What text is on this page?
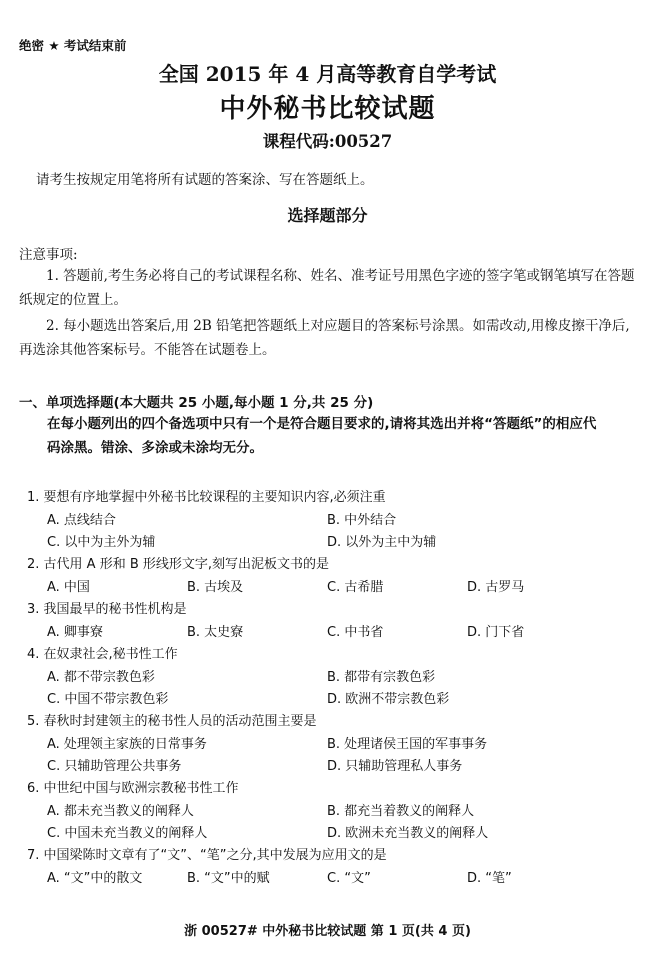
绝密 ★ 考试结束前
全国 2015 年 4 月高等教育自学考试
中外秘书比较试题
课程代码:00527
请考生按规定用笔将所有试题的答案涂、写在答题纸上。
选择题部分
注意事项:
1. 答题前,考生务必将自己的考试课程名称、姓名、准考证号用黑色字迹的签字笔或钢笔填写在答题纸规定的位置上。
2. 每小题选出答案后,用 2B 铅笔把答题纸上对应题目的答案标号涂黑。如需改动,用橡皮擦干净后,再选涂其他答案标号。不能答在试题卷上。
一、单项选择题(本大题共 25 小题,每小题 1 分,共 25 分)
在每小题列出的四个备选项中只有一个是符合题目要求的,请将其选出并将“答题纸”的相应代码涂黑。错涂、多涂或未涂均无分。
1. 要想有序地掌握中外秘书比较课程的主要知识内容,必须注重
A. 点线结合	B. 中外结合
C. 以中为主外为辅	D. 以外为主中为辅
2. 古代用 A 形和 B 形线形文字,刻写出泥板文书的是
A. 中国	B. 古埃及	C. 古希腊	D. 古罗马
3. 我国最早的秘书性机构是
A. 卿事寮	B. 太史寮	C. 中书省	D. 门下省
4. 在奴隶社会,秘书性工作
A. 都不带宗教色彩	B. 都带有宗教色彩
C. 中国不带宗教色彩	D. 欧洲不带宗教色彩
5. 春秋时封建领主的秘书性人员的活动范围主要是
A. 处理领主家族的日常事务	B. 处理诸侯王国的军事事务
C. 只辅助管理公共事务	D. 只辅助管理私人事务
6. 中世纪中国与欧洲宗教秘书性工作
A. 都未充当教义的阐释人	B. 都充当着教义的阐释人
C. 中国未充当教义的阐释人	D. 欧洲未充当教义的阐释人
7. 中国梁陈时文章有了“文”、“笔”之分,其中发展为应用文的是
A. “文”中的散文	B. “文”中的赋	C. “文”	D. “笔”
浙 00527# 中外秘书比较试题 第 1 页(共 4 页)
